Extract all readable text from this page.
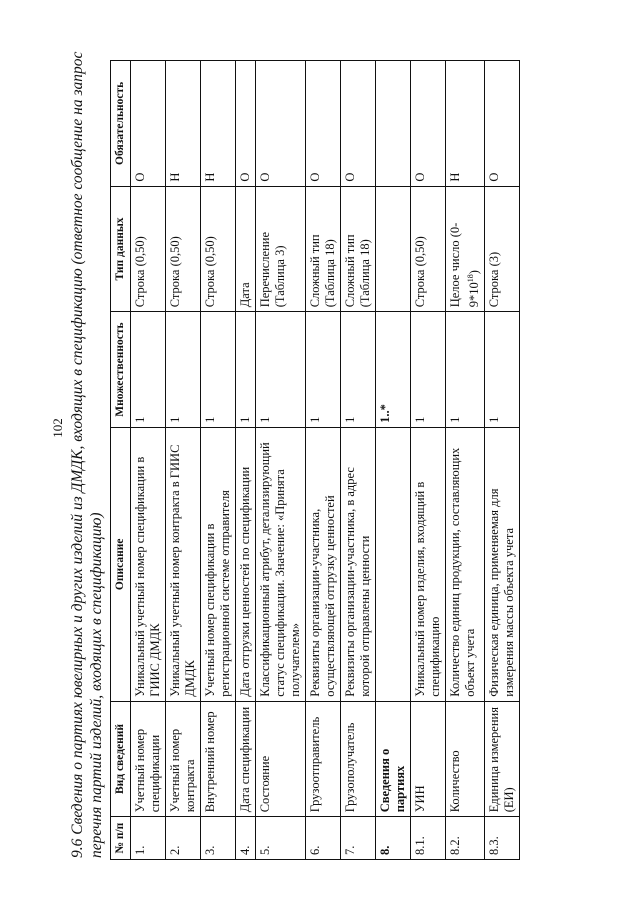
102 9.6 Сведения о партиях ювелирных и других изделий из ДМДК, входящих в спецификацию (ответное сообщение на запрос перечня партий изделий, входящих в спецификацию) № п/п	Вид сведений	Описание	Множественность	Тип данных	Обязательность
1.	Учетный номер спецификации	Уникальный учетный номер спецификации в ГИИС ДМДК	1	Строка (0,50)	О
2.	Учетный номер контракта	Уникальный учетный номер контракта в ГИИС ДМДК	1	Строка (0,50)	Н
3.	Внутренний номер	Учетный номер спецификации в регистрационной системе отправителя	1	Строка (0,50)	Н
4.	Дата спецификации	Дата отгрузки ценностей по спецификации	1	Дата	О
5.	Состояние	Классификационный атрибут, детализирующий статус спецификации. Значение: «Принята получателем»	1	Перечисление (Таблица 3)	О
6.	Грузоотправитель	Реквизиты организации-участника, осуществляющей отгрузку ценностей	1	Сложный тип (Таблица 18)	О
7.	Грузополучатель	Реквизиты организации-участника, в адрес которой отправлены ценности	1	Сложный тип (Таблица 18)	О
8.	Сведения о партиях		1..*		
8.1.	УИН	Уникальный номер изделия, входящий в спецификацию	1	Строка (0,50)	О
8.2.	Количество	Количество единиц продукции, составляющих объект учета	1	Целое число $(0-9*10^{18})$	Н
8.3.	Единица измерения (ЕИ)	Физическая единица, применяемая для измерения массы объекта учета	1	Строка (3)	О
